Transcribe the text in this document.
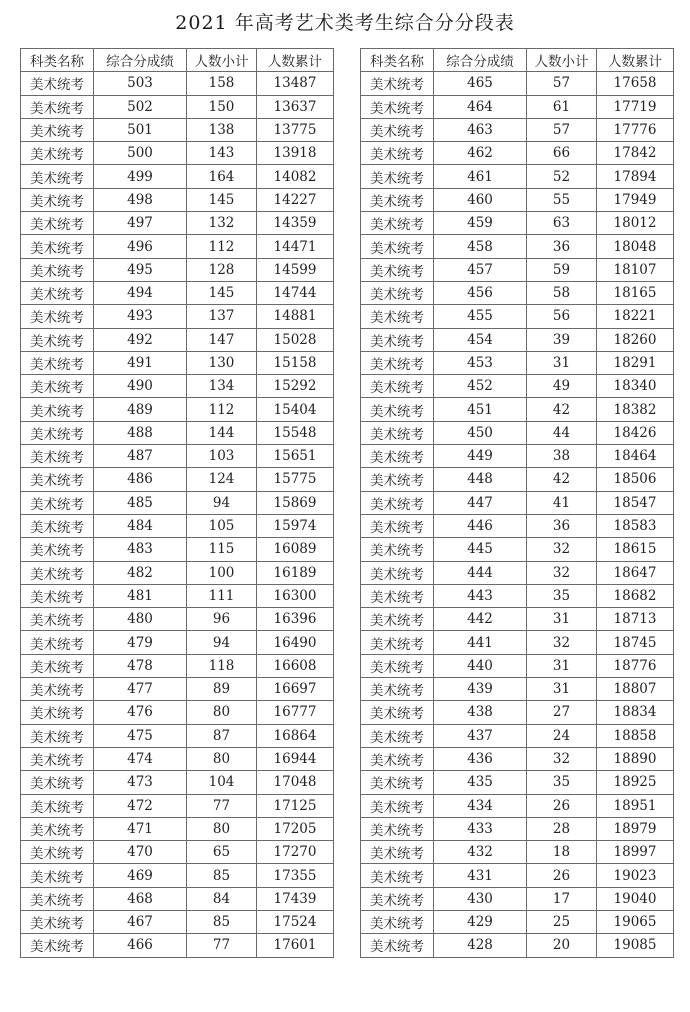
2021 年高考艺术类考生综合分分段表
科类名称	综合分成绩	人数小计	人数累计
美术统考	503	158	13487
美术统考	502	150	13637
美术统考	501	138	13775
美术统考	500	143	13918
美术统考	499	164	14082
美术统考	498	145	14227
美术统考	497	132	14359
美术统考	496	112	14471
美术统考	495	128	14599
美术统考	494	145	14744
美术统考	493	137	14881
美术统考	492	147	15028
美术统考	491	130	15158
美术统考	490	134	15292
美术统考	489	112	15404
美术统考	488	144	15548
美术统考	487	103	15651
美术统考	486	124	15775
美术统考	485	94	15869
美术统考	484	105	15974
美术统考	483	115	16089
美术统考	482	100	16189
美术统考	481	111	16300
美术统考	480	96	16396
美术统考	479	94	16490
美术统考	478	118	16608
美术统考	477	89	16697
美术统考	476	80	16777
美术统考	475	87	16864
美术统考	474	80	16944
美术统考	473	104	17048
美术统考	472	77	17125
美术统考	471	80	17205
美术统考	470	65	17270
美术统考	469	85	17355
美术统考	468	84	17439
美术统考	467	85	17524
美术统考	466	77	17601
科类名称	综合分成绩	人数小计	人数累计
美术统考	465	57	17658
美术统考	464	61	17719
美术统考	463	57	17776
美术统考	462	66	17842
美术统考	461	52	17894
美术统考	460	55	17949
美术统考	459	63	18012
美术统考	458	36	18048
美术统考	457	59	18107
美术统考	456	58	18165
美术统考	455	56	18221
美术统考	454	39	18260
美术统考	453	31	18291
美术统考	452	49	18340
美术统考	451	42	18382
美术统考	450	44	18426
美术统考	449	38	18464
美术统考	448	42	18506
美术统考	447	41	18547
美术统考	446	36	18583
美术统考	445	32	18615
美术统考	444	32	18647
美术统考	443	35	18682
美术统考	442	31	18713
美术统考	441	32	18745
美术统考	440	31	18776
美术统考	439	31	18807
美术统考	438	27	18834
美术统考	437	24	18858
美术统考	436	32	18890
美术统考	435	35	18925
美术统考	434	26	18951
美术统考	433	28	18979
美术统考	432	18	18997
美术统考	431	26	19023
美术统考	430	17	19040
美术统考	429	25	19065
美术统考	428	20	19085
